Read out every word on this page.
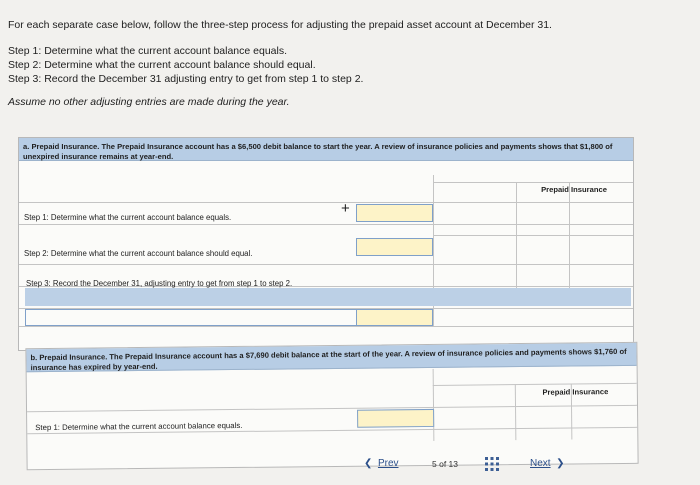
For each separate case below, follow the three-step process for adjusting the prepaid asset account at December 31.
Step 1: Determine what the current account balance equals.
Step 2: Determine what the current account balance should equal.
Step 3: Record the December 31 adjusting entry to get from step 1 to step 2.
Assume no other adjusting entries are made during the year.
a. Prepaid Insurance. The Prepaid Insurance account has a $6,500 debit balance to start the year. A review of insurance policies and payments shows that $1,800 of unexpired insurance remains at year-end.
Prepaid Insurance
Step 1: Determine what the current account balance equals.
+
Step 2: Determine what the current account balance should equal.
Step 3: Record the December 31, adjusting entry to get from step 1 to step 2.
b. Prepaid Insurance. The Prepaid Insurance account has a $7,690 debit balance at the start of the year. A review of insurance policies and payments shows $1,760 of insurance has expired by year-end.
Prepaid Insurance
Step 1: Determine what the current account balance equals.
❮ Prev	5 of 13	Next ❯
